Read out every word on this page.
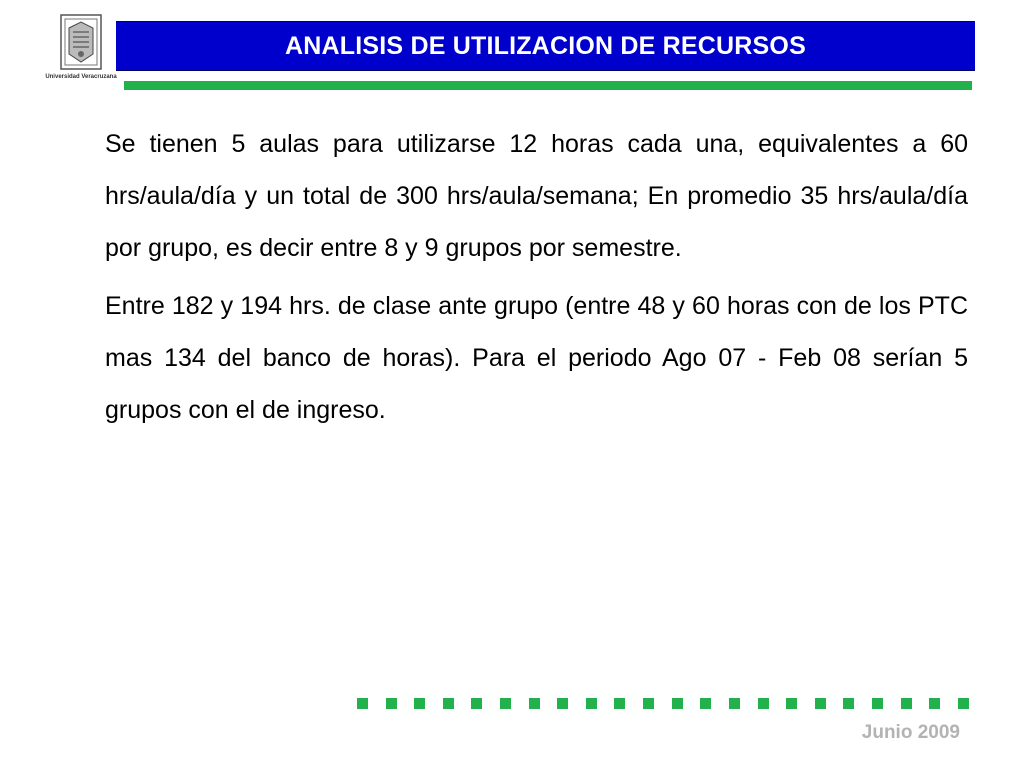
Universidad Veracruzana
ANALISIS DE UTILIZACION DE RECURSOS

Se tienen 5 aulas para utilizarse 12 horas cada una, equivalentes a 60 hrs/aula/día y un total de 300 hrs/aula/semana; En promedio 35 hrs/aula/día por grupo, es decir entre 8 y 9 grupos por semestre.

Entre 182 y 194 hrs. de clase ante grupo (entre 48 y 60 horas con de los PTC mas 134 del banco de horas). Para el periodo Ago 07 - Feb 08 serían 5 grupos con el de ingreso.

Junio 2009
